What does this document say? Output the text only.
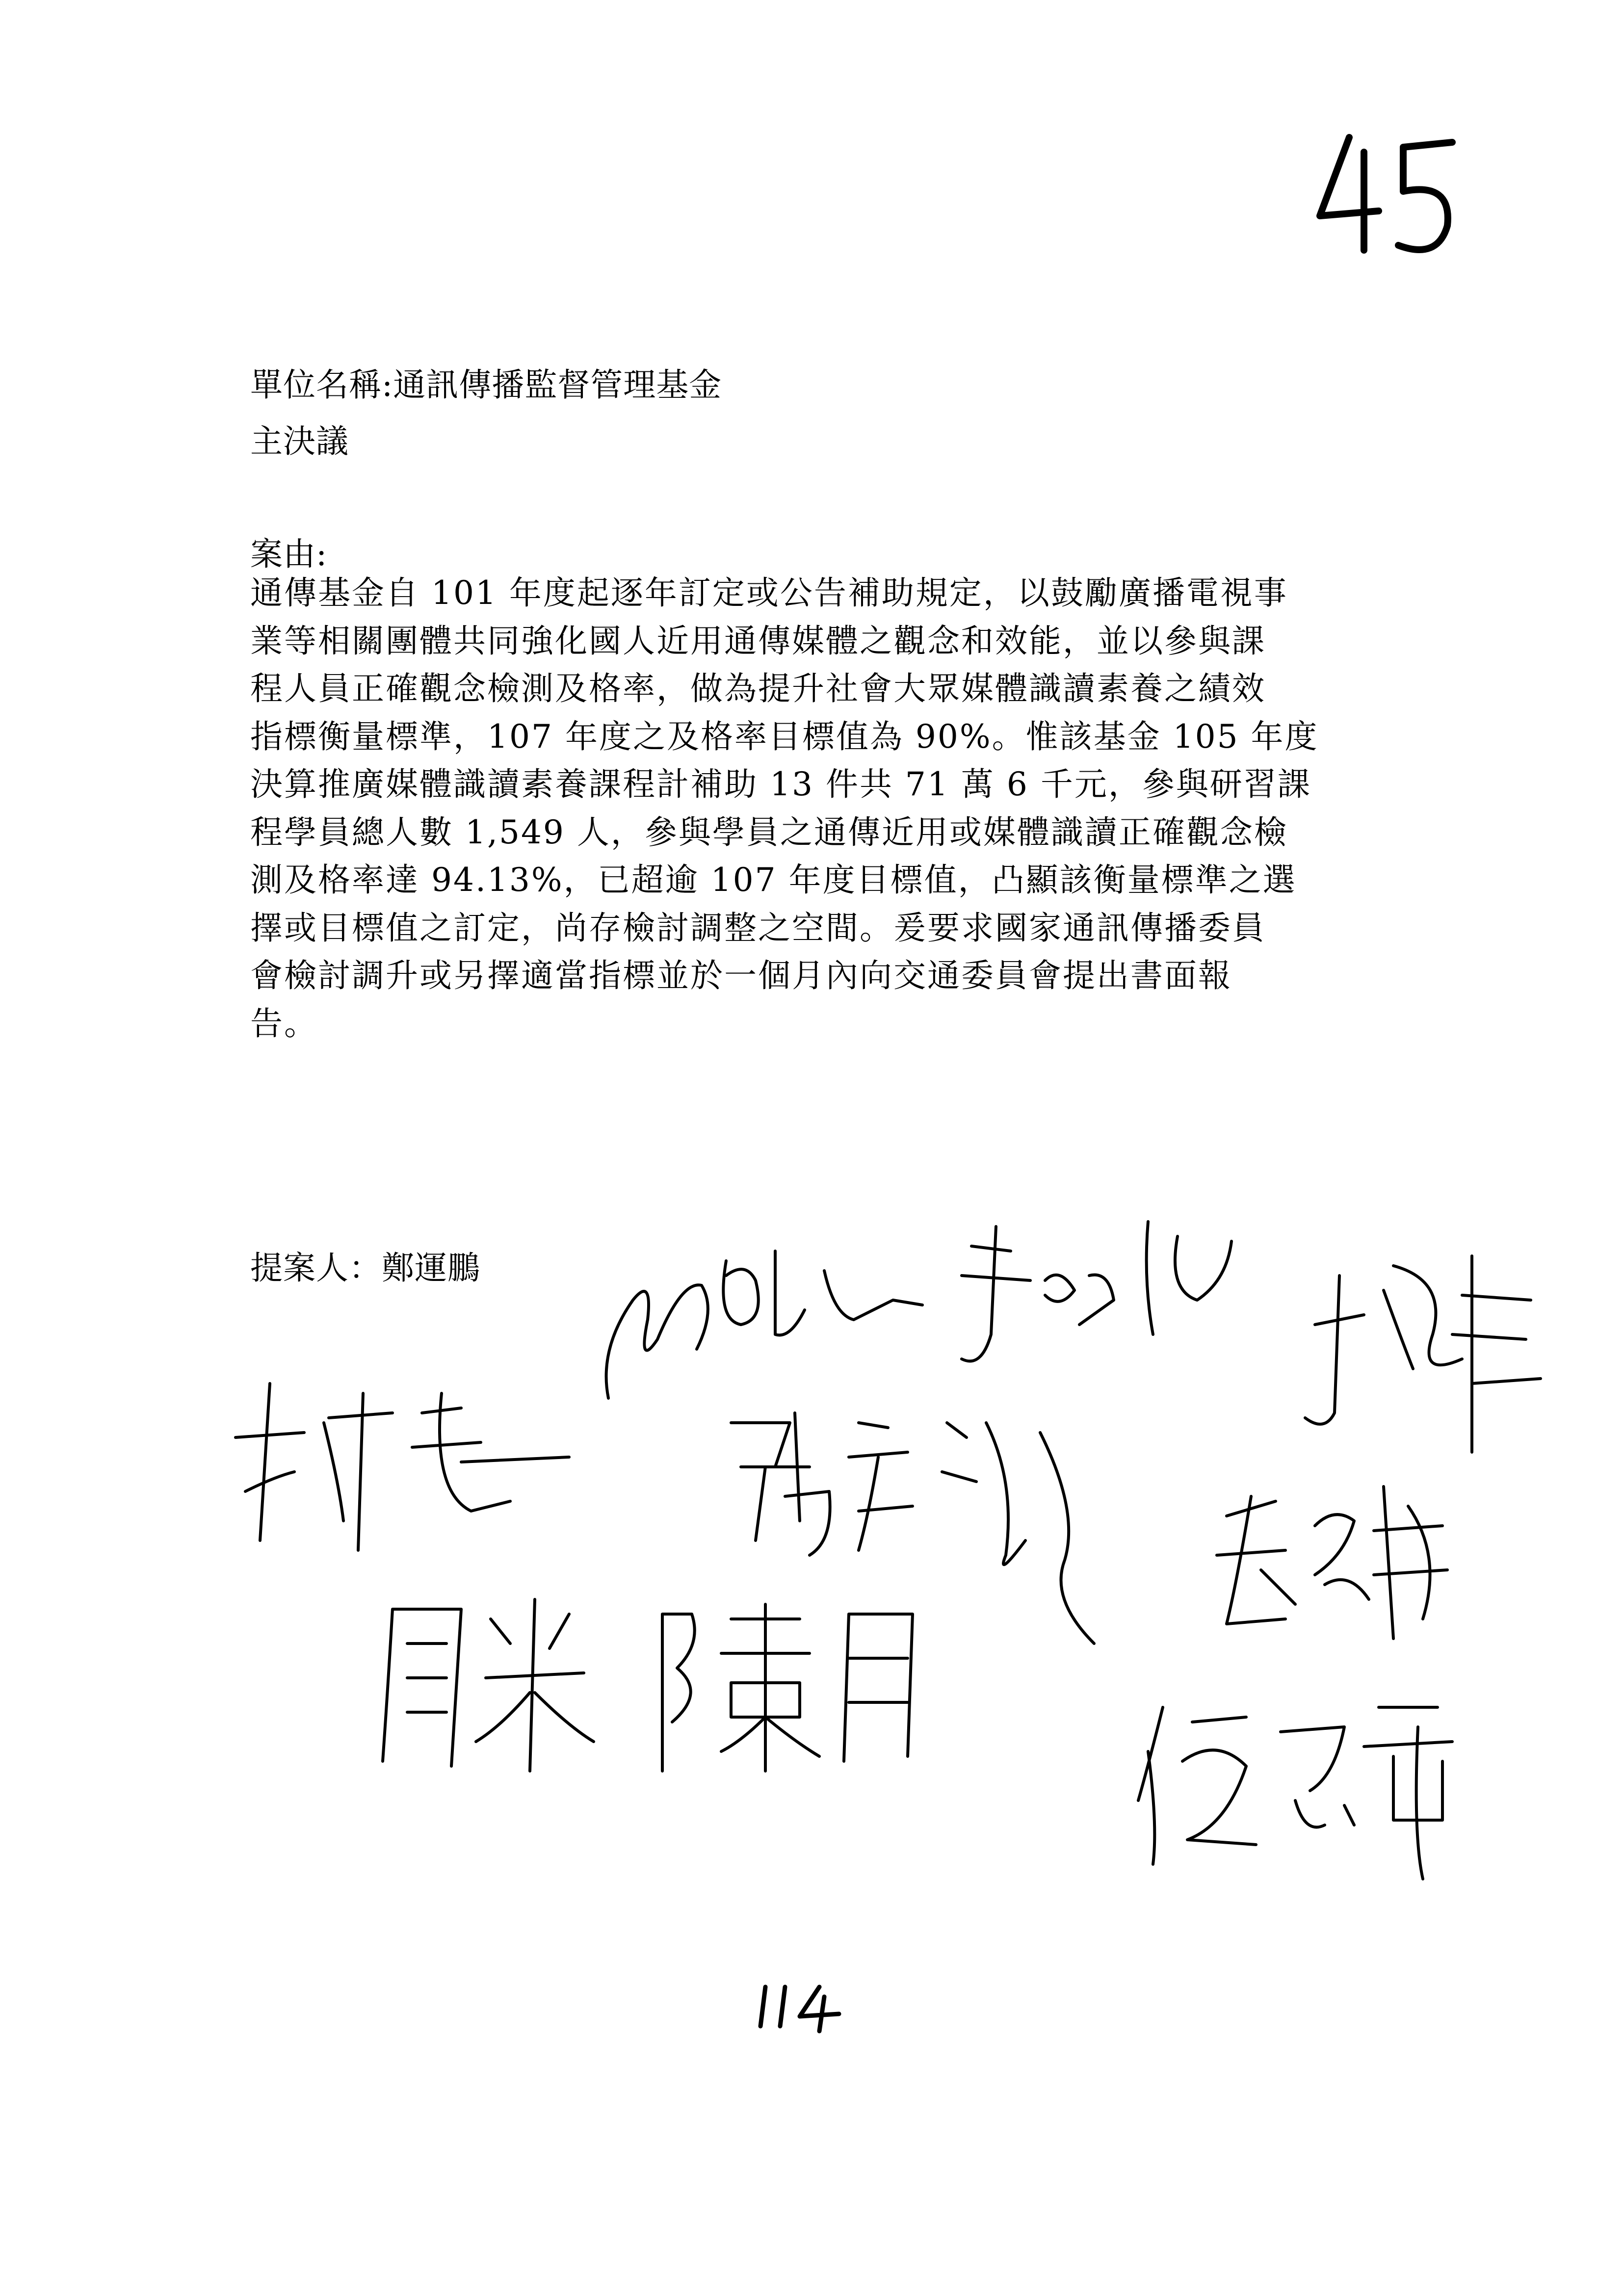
單位名稱:通訊傳播監督管理基金
主決議
案由:
通傳基金自 101 年度起逐年訂定或公告補助規定，以鼓勵廣播電視事
業等相關團體共同強化國人近用通傳媒體之觀念和效能，並以參與課
程人員正確觀念檢測及格率，做為提升社會大眾媒體識讀素養之績效
指標衡量標準，107 年度之及格率目標值為 90%。惟該基金 105 年度
決算推廣媒體識讀素養課程計補助 13 件共 71 萬 6 千元，參與研習課
程學員總人數 1,549 人，參與學員之通傳近用或媒體識讀正確觀念檢
測及格率達 94.13%，已超逾 107 年度目標值，凸顯該衡量標準之選
擇或目標值之訂定，尚存檢討調整之空間。爰要求國家通訊傳播委員
會檢討調升或另擇適當指標並於一個月內向交通委員會提出書面報
告。
提案人：鄭運鵬
